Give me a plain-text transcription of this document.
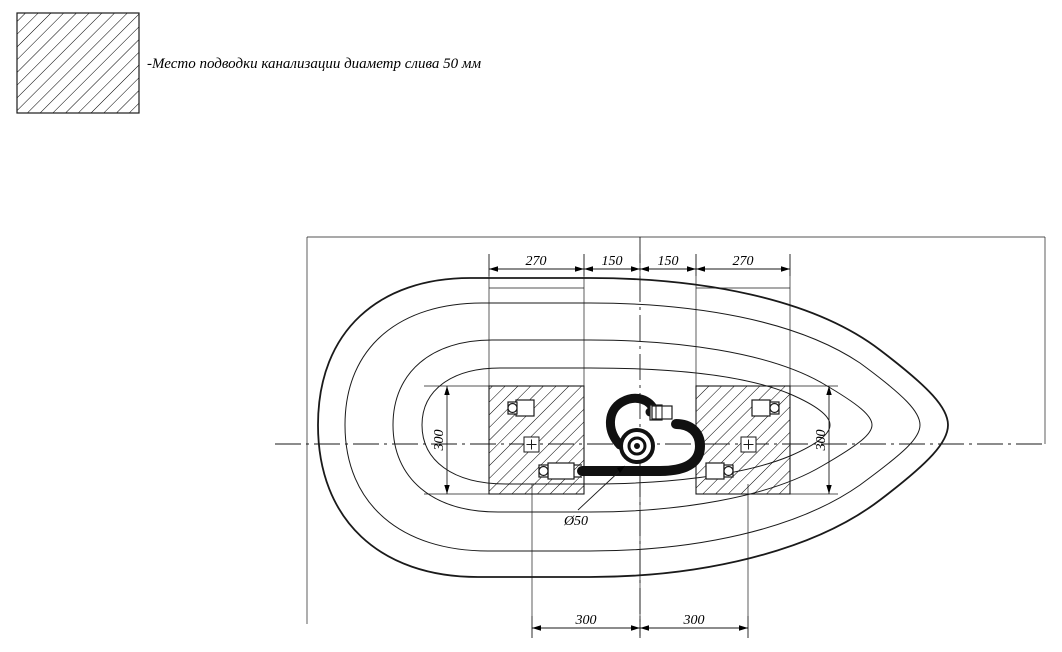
270	150	150	270
300	300
300	300
Ø50
-Место подводки канализации диаметр слива 50 мм
